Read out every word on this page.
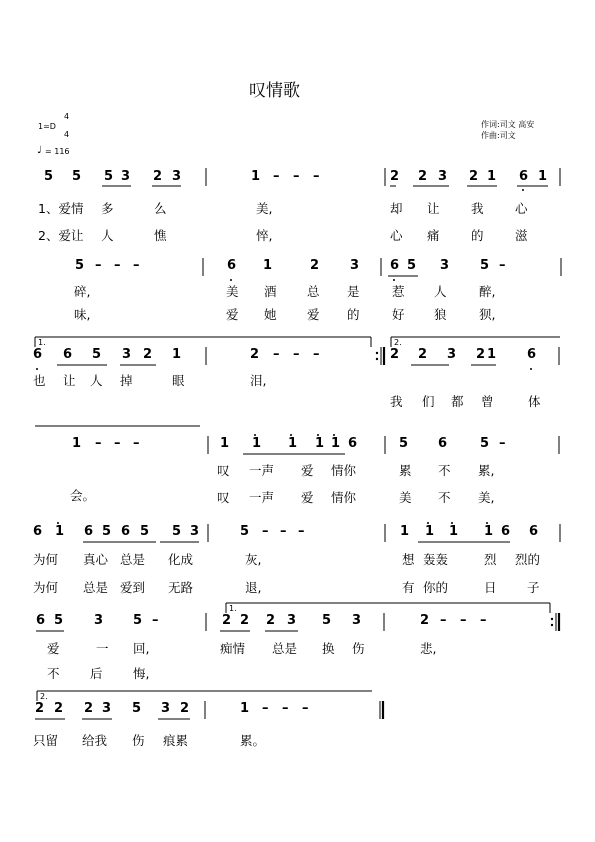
叹情歌
1=D
4
4
♩ = 116
作词:司文 高安
作曲:司文
5 5 5 3 2 3	1 – – –	2 2 3 2 1 6 1
1、爱情 多	么	美,	却 让	我	心
2、爱让 人	憔	悴,	心 痛	的	滋
5 – – –	6 1	2 3 6 5 3 5 –
碎,	美 酒 总 是	惹 人	醉,
味,	爱 她 爱 的	好 狼	狈,
1.	2.
6 6 5 3 2 1	2 – – –	2 2 3 2 1 6
也 让 人 掉	眼	泪,
我 们 都 曾	体
1 – – –	1 1 1 1 1 6	5 6	5 –
叹 一声 爱 情你	累 不 累,
会。	叹 一声 爱 情你	美 不 美,
6 1 6 5 6 5 5 3	5 – – –	1 1 1 1 6 6
为何 真心 总是 化成	灰,	想 轰轰	烈 烈的
为何 总是 爱到 无路	退,	有 你的	日 子
1.
6 5 3 5 –	2 2 2 3 5 3	2 – – –
爱	一 回,	痴情 总是 换 伤	悲,
不 后 悔,
2.
2 2 2 3 5 3 2	1 – – –
只留 给我 伤 痕累	累。
